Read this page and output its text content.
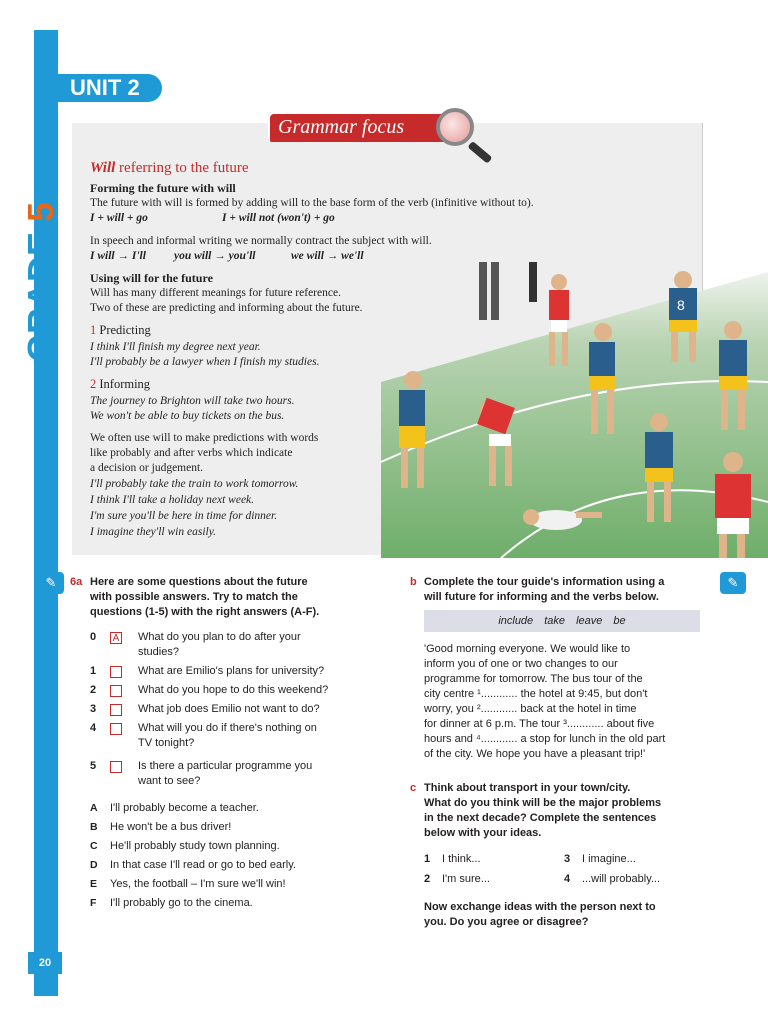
GRADE 5
UNIT 2
Grammar focus
Will referring to the future
Forming the future with will
The future with will is formed by adding will to the base form of the verb (infinitive without to).
I + will + go	I + will not (won't) + go
In speech and informal writing we normally contract the subject with will.
I will → I'll you will → you'll	we will → we'll
Using will for the future
Will has many different meanings for future reference.
Two of these are predicting and informing about the future.
1 Predicting
I think I'll finish my degree next year.
I'll probably be a lawyer when I finish my studies.
2 Informing
The journey to Brighton will take two hours.
We won't be able to buy tickets on the bus.
We often use will to make predictions with words
like probably and after verbs which indicate
a decision or judgement.
I'll probably take the train to work tomorrow.
I think I'll take a holiday next week.
I'm sure you'll be here in time for dinner.
I imagine they'll win easily.
8
✎	6a Here are some questions about the future
with possible answers. Try to match the
questions (1-5) with the right answers (A-F).
0 A What do you plan to do after your
studies?
1	What are Emilio's plans for university?
2	What do you hope to do this weekend?
3	What job does Emilio not want to do?
4	What will you do if there's nothing on
TV tonight?
5	Is there a particular programme you
want to see?
A I'll probably become a teacher.
B He won't be a bus driver!
C He'll probably study town planning.
D In that case I'll read or go to bed early.
E Yes, the football – I'm sure we'll win!
F I'll probably go to the cinema.
✎
b Complete the tour guide's information using a
will future for informing and the verbs below.
include take leave be
'Good morning everyone. We would like to
inform you of one or two changes to our
programme for tomorrow. The bus tour of the
city centre ¹............ the hotel at 9:45, but don't
worry, you ²............ back at the hotel in time
for dinner at 6 p.m. The tour ³............ about five
hours and ⁴............ a stop for lunch in the old part
of the city. We hope you have a pleasant trip!'
c Think about transport in your town/city.
What do you think will be the major problems
in the next decade? Complete the sentences
below with your ideas.
1 I think...	3 I imagine...
2 I'm sure...	4 ...will probably...
Now exchange ideas with the person next to
you. Do you agree or disagree?
20
